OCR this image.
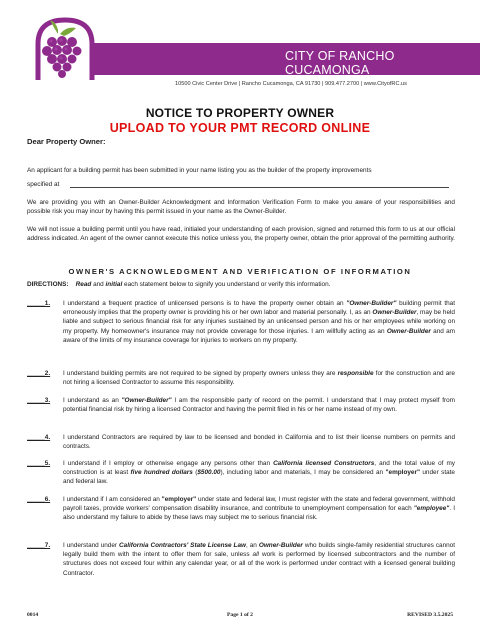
CITY OF RANCHO CUCAMONGA
10500 Civic Center Drive | Rancho Cucamonga, CA 91730 | 909.477.2700 | www.CityofRC.us
NOTICE TO PROPERTY OWNER
UPLOAD TO YOUR PMT RECORD ONLINE
Dear Property Owner:
An applicant for a building permit has been submitted in your name listing you as the builder of the property improvements
specified at
We are providing you with an Owner-Builder Acknowledgment and Information Verification Form to make you aware of your responsibilities and possible risk you may incur by having this permit issued in your name as the Owner-Builder.
We will not issue a building permit until you have read, initialed your understanding of each provision, signed and returned this form to us at our official address indicated. An agent of the owner cannot execute this notice unless you, the property owner, obtain the prior approval of the permitting authority.
OWNER'S ACKNOWLEDGMENT AND VERIFICATION OF INFORMATION
DIRECTIONS: Read and initial each statement below to signify you understand or verify this information.
_____1.	I understand a frequent practice of unlicensed persons is to have the property owner obtain an "Owner-Builder" building permit that erroneously implies that the property owner is providing his or her own labor and material personally. I, as an Owner-Builder, may be held liable and subject to serious financial risk for any injuries sustained by an unlicensed person and his or her employees while working on my property. My homeowner's insurance may not provide coverage for those injuries. I am willfully acting as an Owner-Builder and am aware of the limits of my insurance coverage for injuries to workers on my property.
_____2.	I understand building permits are not required to be signed by property owners unless they are responsible for the construction and are not hiring a licensed Contractor to assume this responsibility.
_____3.	I understand as an "Owner-Builder" I am the responsible party of record on the permit. I understand that I may protect myself from potential financial risk by hiring a licensed Contractor and having the permit filed in his or her name instead of my own.
_____4.	I understand Contractors are required by law to be licensed and bonded in California and to list their license numbers on permits and contracts.
_____5.	I understand if I employ or otherwise engage any persons other than California licensed Constructors, and the total value of my construction is at least five hundred dollars ($500.00), including labor and materials, I may be considered an "employer" under state and federal law.
_____6.	I understand if I am considered an "employer" under state and federal law, I must register with the state and federal government, withhold payroll taxes, provide workers' compensation disability insurance, and contribute to unemployment compensation for each "employee". I also understand my failure to abide by these laws may subject me to serious financial risk.
_____7.	I understand under California Contractors' State License Law, an Owner-Builder who builds single-family residential structures cannot legally build them with the intent to offer them for sale, unless all work is performed by licensed subcontractors and the number of structures does not exceed four within any calendar year, or all of the work is performed under contract with a licensed general building Contractor.
0014	Page 1 of 2	REVISED 3.5.2025
